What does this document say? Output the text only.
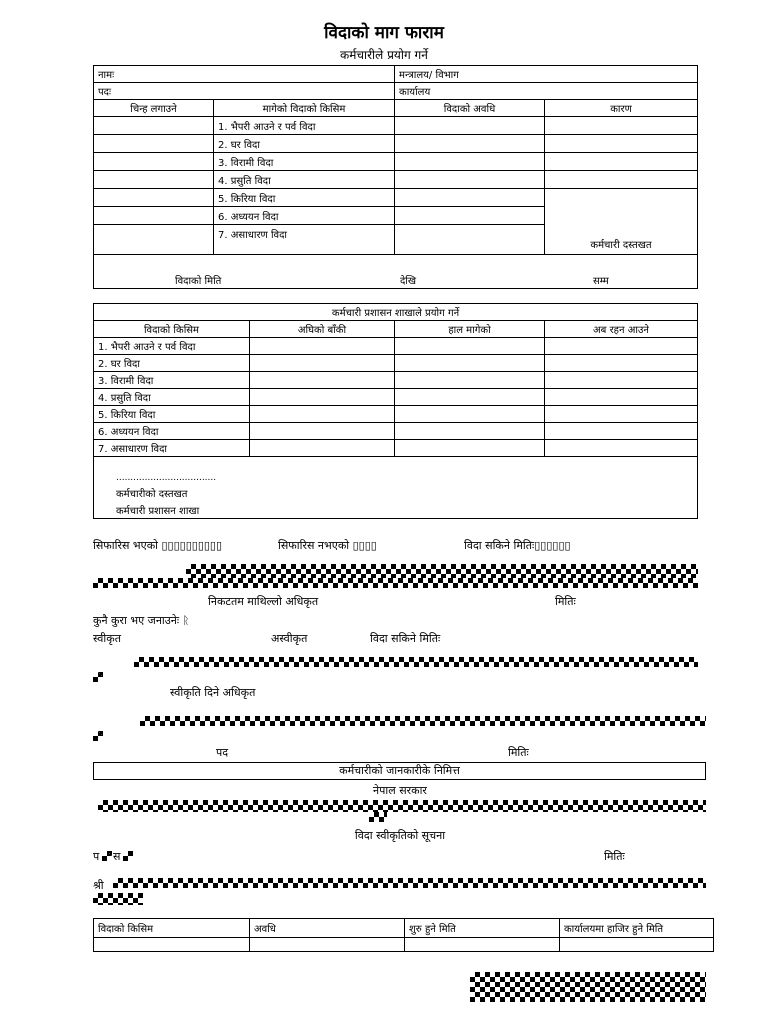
विदाको माग फाराम
कर्मचारीले प्रयोग गर्ने
नामः		मन्त्रालय/ विभाग	
पदः		कार्यालय	
चिन्ह लगाउने	मागेको विदाको किसिम	विदाको अवधि	कारण
	1. भैपरी आउने र पर्व विदा		
	2. घर विदा		
	3. विरामी विदा		
	4. प्रसुति विदा		
	5. किरिया विदा		कर्मचारी दस्तखत
	6. अध्ययन विदा		
	7. असाधारण विदा		

विदाको मिति देखि सम्म			
कर्मचारी प्रशासन शाखाले प्रयोग गर्ने			
विदाको किसिम	अघिको बाँकी	हाल मागेको	अब रहन आउने
1. भैपरी आउने र पर्व विदा			
2. घर विदा			
3. विरामी विदा			
4. प्रसुति विदा			
5. किरिया विदा			
6. अध्ययन विदा			
7. असाधारण विदा			

...................................
कर्मचारीको दस्तखत
कर्मचारी प्रशासन शाखा			
सिफारिस भएको ▯▯▯▯▯▯▯▯▯▯	सिफारिस नभएको ▯▯▯▯	विदा सकिने मितिः▯▯▯▯▯▯
निकटतम माथिल्लो अधिकृत	मितिः
कुनै कुरा भए जनाउनेः ᚱ
स्वीकृत	अस्वीकृत	विदा सकिने मितिः
स्वीकृति दिने अधिकृत
पद	मितिः
कर्मचारीको जानकारीके निमित्त
नेपाल सरकार
विदा स्वीकृतिको सूचना
प स	मितिः
श्री
विदाको किसिम	अवधि	शुरु हुने मिति	कार्यालयमा हाजिर हुने मिति
